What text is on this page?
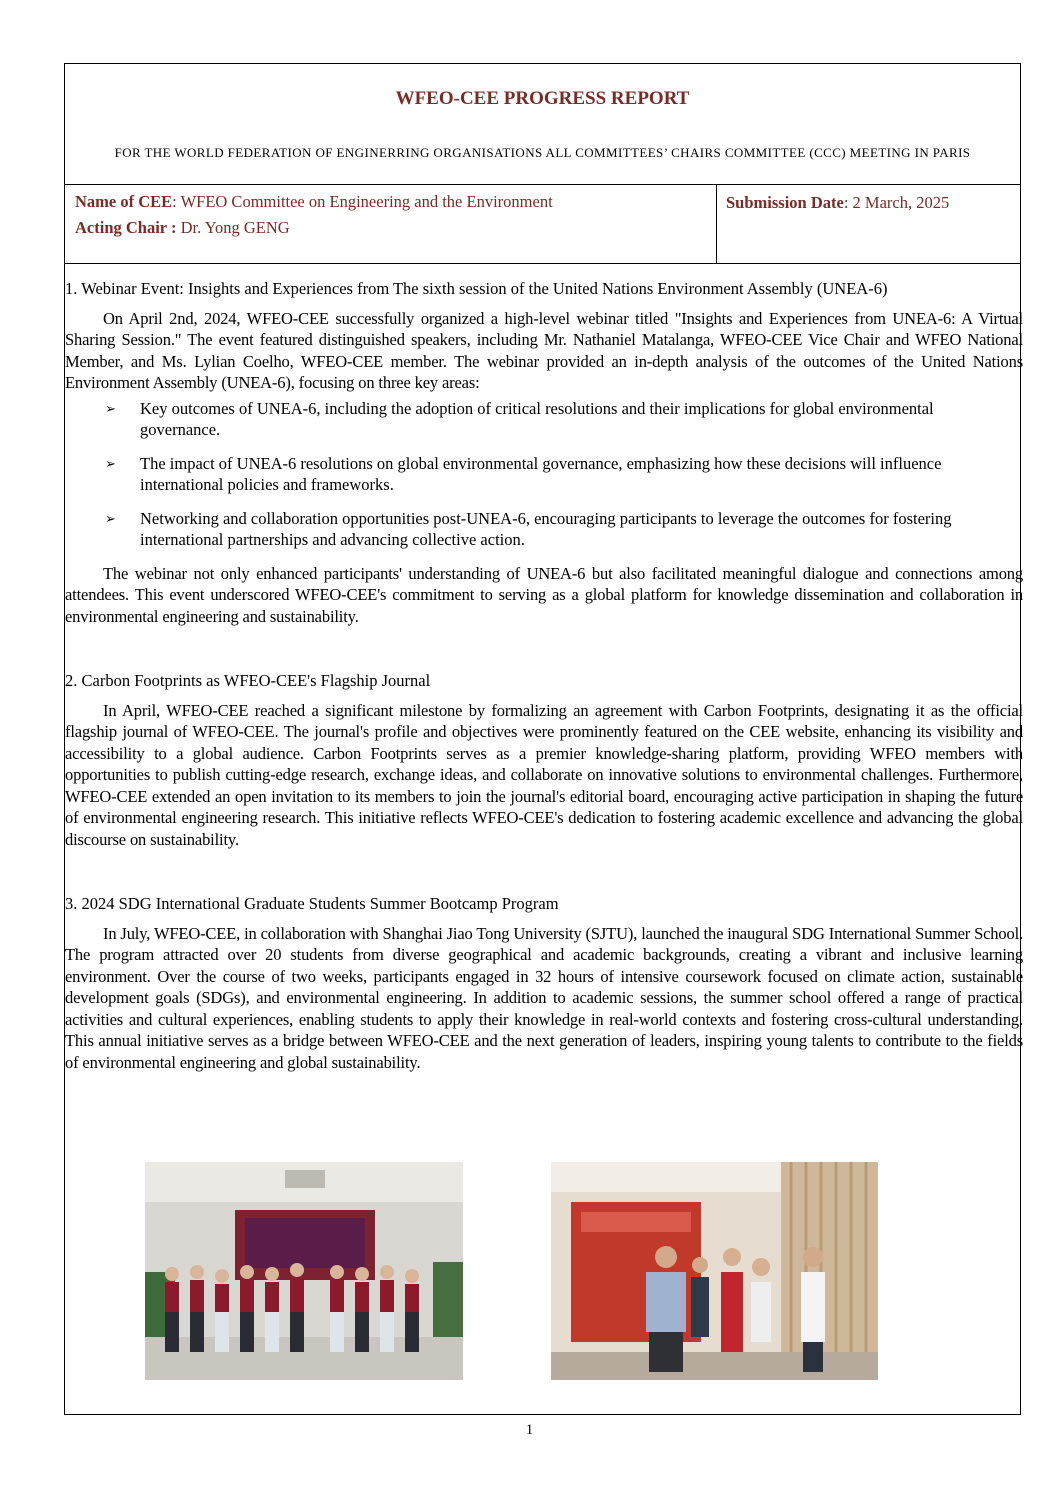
WFEO-CEE PROGRESS REPORT
FOR THE WORLD FEDERATION OF ENGINERRING ORGANISATIONS ALL COMMITTEES’ CHAIRS COMMITTEE (CCC) MEETING IN PARIS
Name of CEE: WFEO Committee on Engineering and the Environment
Acting Chair : Dr. Yong GENG
Submission Date: 2 March, 2025
1. Webinar Event: Insights and Experiences from The sixth session of the United Nations Environment Assembly (UNEA-6)

On April 2nd, 2024, WFEO-CEE successfully organized a high-level webinar titled "Insights and Experiences from UNEA-6: A Virtual Sharing Session." The event featured distinguished speakers, including Mr. Nathaniel Matalanga, WFEO-CEE Vice Chair and WFEO National Member, and Ms. Lylian Coelho, WFEO-CEE member. The webinar provided an in-depth analysis of the outcomes of the United Nations Environment Assembly (UNEA-6), focusing on three key areas:

➢ Key outcomes of UNEA-6, including the adoption of critical resolutions and their implications for global environmental governance.
➢ The impact of UNEA-6 resolutions on global environmental governance, emphasizing how these decisions will influence international policies and frameworks.
➢ Networking and collaboration opportunities post-UNEA-6, encouraging participants to leverage the outcomes for fostering international partnerships and advancing collective action.

The webinar not only enhanced participants' understanding of UNEA-6 but also facilitated meaningful dialogue and connections among attendees. This event underscored WFEO-CEE's commitment to serving as a global platform for knowledge dissemination and collaboration in environmental engineering and sustainability.

2. Carbon Footprints as WFEO-CEE's Flagship Journal

In April, WFEO-CEE reached a significant milestone by formalizing an agreement with Carbon Footprints, designating it as the official flagship journal of WFEO-CEE. The journal's profile and objectives were prominently featured on the CEE website, enhancing its visibility and accessibility to a global audience. Carbon Footprints serves as a premier knowledge-sharing platform, providing WFEO members with opportunities to publish cutting-edge research, exchange ideas, and collaborate on innovative solutions to environmental challenges. Furthermore, WFEO-CEE extended an open invitation to its members to join the journal's editorial board, encouraging active participation in shaping the future of environmental engineering research. This initiative reflects WFEO-CEE's dedication to fostering academic excellence and advancing the global discourse on sustainability.

3. 2024 SDG International Graduate Students Summer Bootcamp Program

In July, WFEO-CEE, in collaboration with Shanghai Jiao Tong University (SJTU), launched the inaugural SDG International Summer School. The program attracted over 20 students from diverse geographical and academic backgrounds, creating a vibrant and inclusive learning environment. Over the course of two weeks, participants engaged in 32 hours of intensive coursework focused on climate action, sustainable development goals (SDGs), and environmental engineering. In addition to academic sessions, the summer school offered a range of practical activities and cultural experiences, enabling students to apply their knowledge in real-world contexts and fostering cross-cultural understanding. This annual initiative serves as a bridge between WFEO-CEE and the next generation of leaders, inspiring young talents to contribute to the fields of environmental engineering and global sustainability.

1
